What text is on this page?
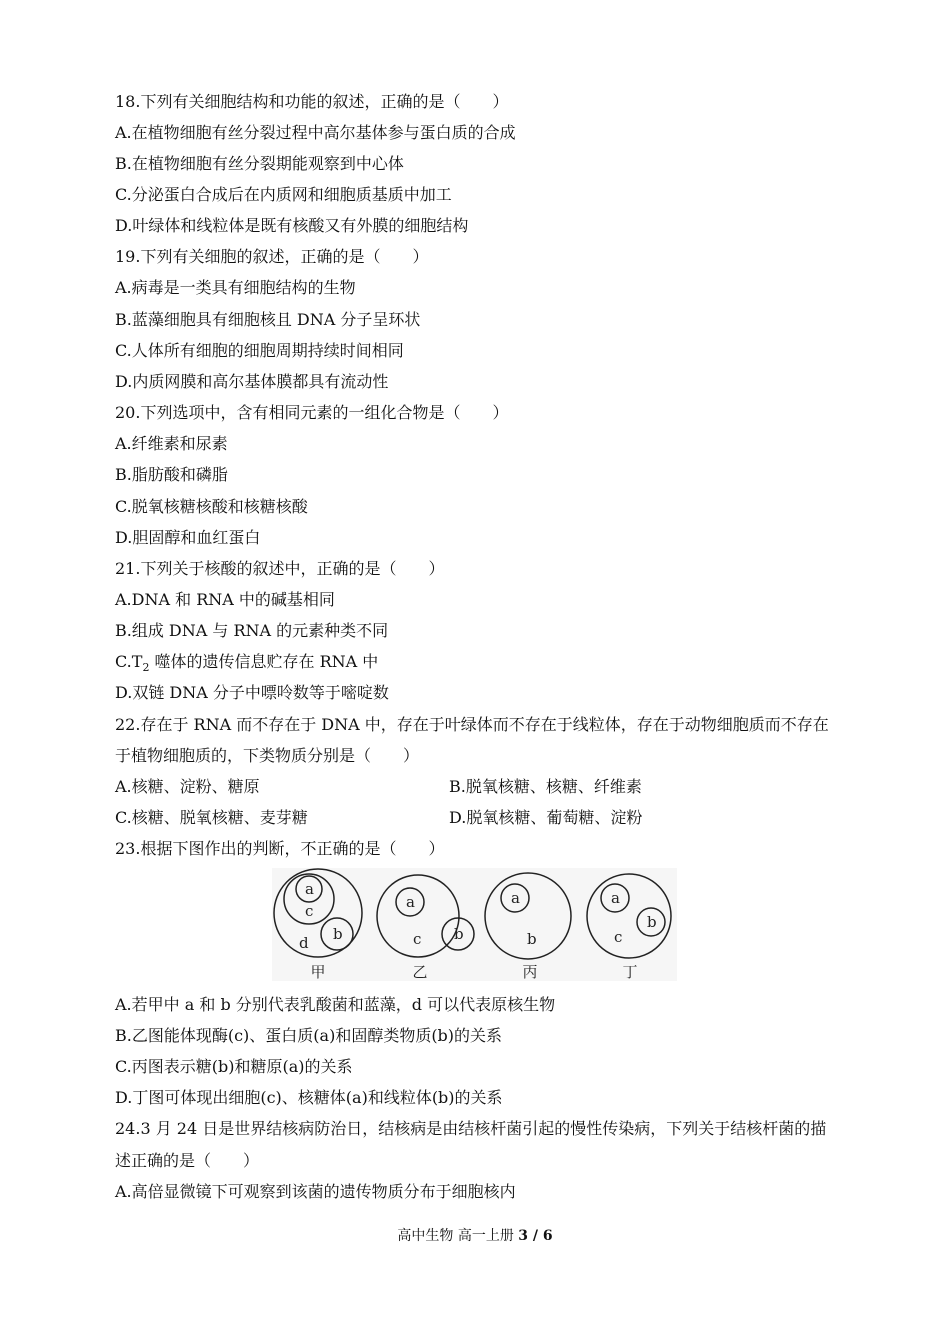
18.下列有关细胞结构和功能的叙述，正确的是（　　）
A.在植物细胞有丝分裂过程中高尔基体参与蛋白质的合成
B.在植物细胞有丝分裂期能观察到中心体
C.分泌蛋白合成后在内质网和细胞质基质中加工
D.叶绿体和线粒体是既有核酸又有外膜的细胞结构
19.下列有关细胞的叙述，正确的是（　　）
A.病毒是一类具有细胞结构的生物
B.蓝藻细胞具有细胞核且 DNA 分子呈环状
C.人体所有细胞的细胞周期持续时间相同
D.内质网膜和高尔基体膜都具有流动性
20.下列选项中，含有相同元素的一组化合物是（　　）
A.纤维素和尿素
B.脂肪酸和磷脂
C.脱氧核糖核酸和核糖核酸
D.胆固醇和血红蛋白
21.下列关于核酸的叙述中，正确的是（　　）
A.DNA 和 RNA 中的碱基相同
B.组成 DNA 与 RNA 的元素种类不同
$C.T_2$ 噬体的遗传信息贮存在 RNA 中
D.双链 DNA 分子中嘌呤数等于嘧啶数
22.存在于 RNA 而不存在于 DNA 中，存在于叶绿体而不存在于线粒体，存在于动物细胞质而不存在
于植物细胞质的，下类物质分别是（　　）
A.核糖、淀粉、糖原	B.脱氧核糖、核糖、纤维素
C.核糖、脱氧核糖、麦芽糖	D.脱氧核糖、葡萄糖、淀粉
23.根据下图作出的判断，不正确的是（　　）
a
c
d b
a
c b
a
b
a
b
c
甲	乙	丙	丁
A.若甲中 a 和 b 分别代表乳酸菌和蓝藻，d 可以代表原核生物
B.乙图能体现酶(c)、蛋白质(a)和固醇类物质(b)的关系
C.丙图表示糖(b)和糖原(a)的关系
D.丁图可体现出细胞(c)、核糖体(a)和线粒体(b)的关系
24.3 月 24 日是世界结核病防治日，结核病是由结核杆菌引起的慢性传染病，下列关于结核杆菌的描
述正确的是（　　）
A.高倍显微镜下可观察到该菌的遗传物质分布于细胞核内
高中生物 高一上册 3 / 6
